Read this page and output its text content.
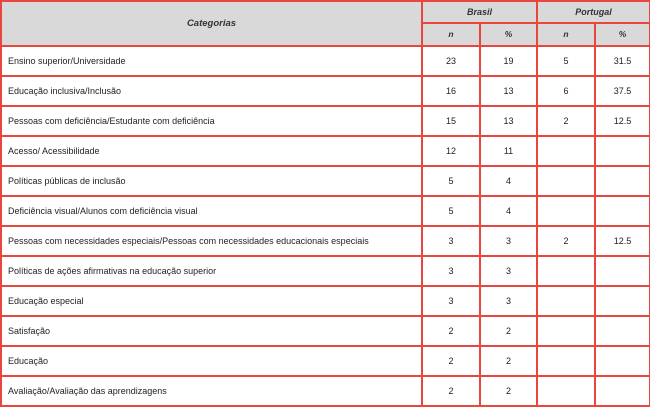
Categorias	Brasil		Portugal	
	n	%	n	%
Ensino superior/Universidade	23	19	5	31.5
Educação inclusiva/Inclusão	16	13	6	37.5
Pessoas com deficiência/Estudante com deficiência	15	13	2	12.5
Acesso/ Acessibilidade	12	11		
Políticas públicas de inclusão	5	4		
Deficiência visual/Alunos com deficiência visual	5	4		
Pessoas com necessidades especiais/Pessoas com necessidades educacionais especiais	3	3	2	12.5
Políticas de ações afirmativas na educação superior	3	3		
Educação especial	3	3		
Satisfação	2	2		
Educação	2	2		
Avaliação/Avaliação das aprendizagens	2	2		
